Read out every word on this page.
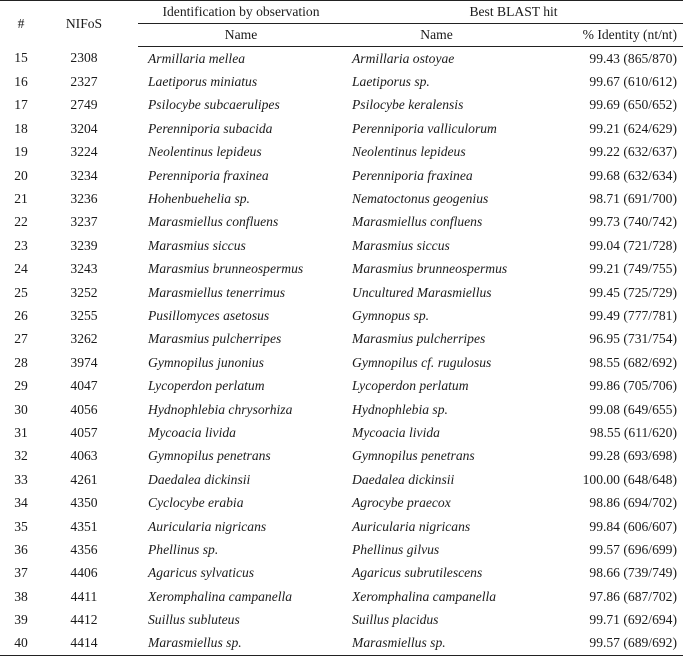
#	NIFoS	Identification by observation	Best BLAST hit	
		Name	Name	% Identity (nt/nt)
15	2308	Armillaria mellea	Armillaria ostoyae	99.43 (865/870)
16	2327	Laetiporus miniatus	Laetiporus sp.	99.67 (610/612)
17	2749	Psilocybe subcaerulipes	Psilocybe keralensis	99.69 (650/652)
18	3204	Perenniporia subacida	Perenniporia valliculorum	99.21 (624/629)
19	3224	Neolentinus lepideus	Neolentinus lepideus	99.22 (632/637)
20	3234	Perenniporia fraxinea	Perenniporia fraxinea	99.68 (632/634)
21	3236	Hohenbuehelia sp.	Nematoctonus geogenius	98.71 (691/700)
22	3237	Marasmiellus confluens	Marasmiellus confluens	99.73 (740/742)
23	3239	Marasmius siccus	Marasmius siccus	99.04 (721/728)
24	3243	Marasmius brunneospermus	Marasmius brunneospermus	99.21 (749/755)
25	3252	Marasmiellus tenerrimus	Uncultured Marasmiellus	99.45 (725/729)
26	3255	Pusillomyces asetosus	Gymnopus sp.	99.49 (777/781)
27	3262	Marasmius pulcherripes	Marasmius pulcherripes	96.95 (731/754)
28	3974	Gymnopilus junonius	Gymnopilus cf. rugulosus	98.55 (682/692)
29	4047	Lycoperdon perlatum	Lycoperdon perlatum	99.86 (705/706)
30	4056	Hydnophlebia chrysorhiza	Hydnophlebia sp.	99.08 (649/655)
31	4057	Mycoacia livida	Mycoacia livida	98.55 (611/620)
32	4063	Gymnopilus penetrans	Gymnopilus penetrans	99.28 (693/698)
33	4261	Daedalea dickinsii	Daedalea dickinsii	100.00 (648/648)
34	4350	Cyclocybe erabia	Agrocybe praecox	98.86 (694/702)
35	4351	Auricularia nigricans	Auricularia nigricans	99.84 (606/607)
36	4356	Phellinus sp.	Phellinus gilvus	99.57 (696/699)
37	4406	Agaricus sylvaticus	Agaricus subrutilescens	98.66 (739/749)
38	4411	Xeromphalina campanella	Xeromphalina campanella	97.86 (687/702)
39	4412	Suillus subluteus	Suillus placidus	99.71 (692/694)
40	4414	Marasmiellus sp.	Marasmiellus sp.	99.57 (689/692)
